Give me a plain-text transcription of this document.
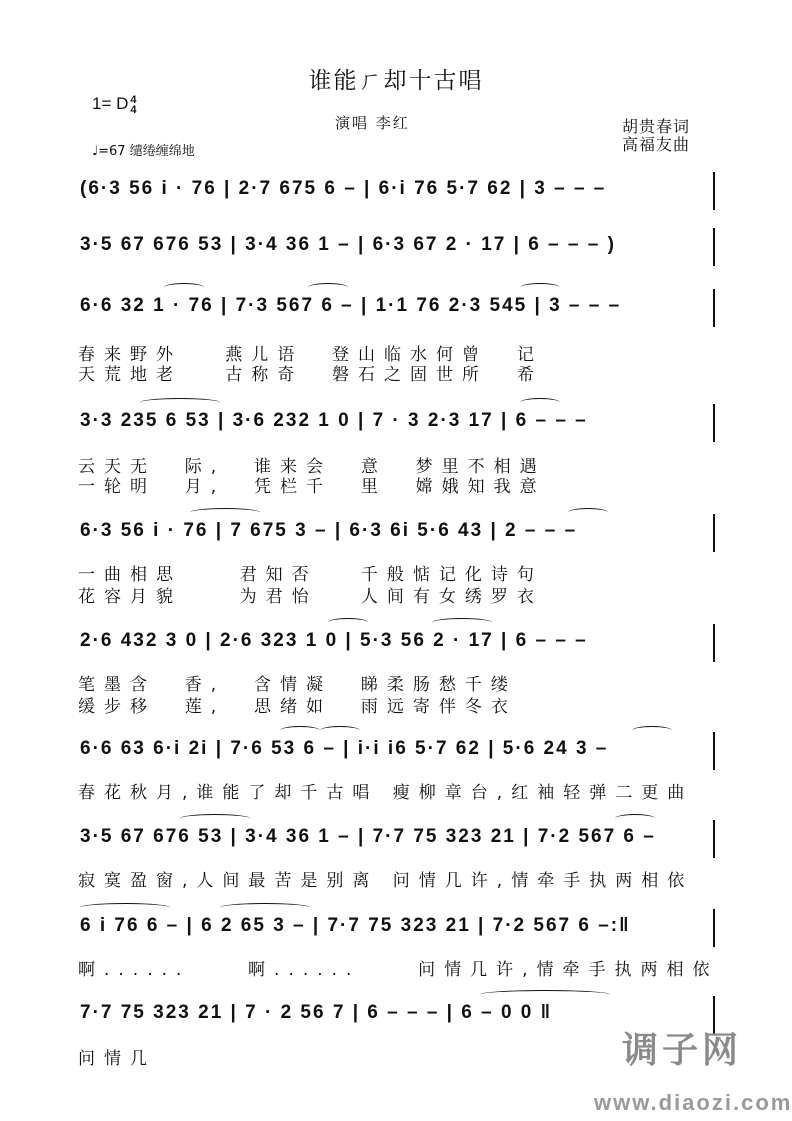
谁能ㄏ却十古唱
1= D 4
4
演唱 李红	胡贵春词
高福友曲
♩=67 缱绻缠绵地
(6·3 56 i · 76 | 2·7 675 6 – | 6·i 76 5·7 62 | 3 – – –
3·5 67 676 53 | 3·4 36 1 – | 6·3 67 2 · 17 | 6 – – – )
6·6 32 1 · 76 | 7·3 567 6 – | 1·1 76 2·3 545 | 3 – – –
春来野外   燕儿语  登山临水何曾  记
天荒地老   古称奇  磐石之固世所  希
3·3 235 6 53 | 3·6 232 1 0 | 7 · 3 2·3 17 | 6 – – –
云天无  际,  谁来会  意  梦里不相遇
一轮明  月,  凭栏千  里  嫦娥知我意
6·3 56 i · 76 | 7 675 3 – | 6·3 6i 5·6 43 | 2 – – –
一曲相思    君知否   千般惦记化诗句
花容月貌    为君怡   人间有女绣罗衣
2·6 432 3 0 | 2·6 323 1 0 | 5·3 56 2 · 17 | 6 – – –
笔墨含  香,  含情凝  睇柔肠愁千缕
缓步移  莲,  思绪如  雨远寄伴冬衣
6·6 63 6·i 2i | 7·6 53 6 – | i·i i6 5·7 62 | 5·6 24 3 –
春花秋月,谁能了却千古唱 瘦柳章台,红袖轻弹二更曲
3·5 67 676 53 | 3·4 36 1 – | 7·7 75 323 21 | 7·2 567 6 –
寂寞盈窗,人间最苦是别离 问情几许,情牵手执两相依
6 i 76 6 – | 6 2 65 3 – | 7·7 75 323 21 | 7·2 567 6 –:‖
啊......    啊......    问情几许,情牵手执两相依
7·7 75 323 21 | 7 · 2 56 7 | 6 – – – | 6 – 0 0 ‖
问情几	调子网
www.diaozi.com
